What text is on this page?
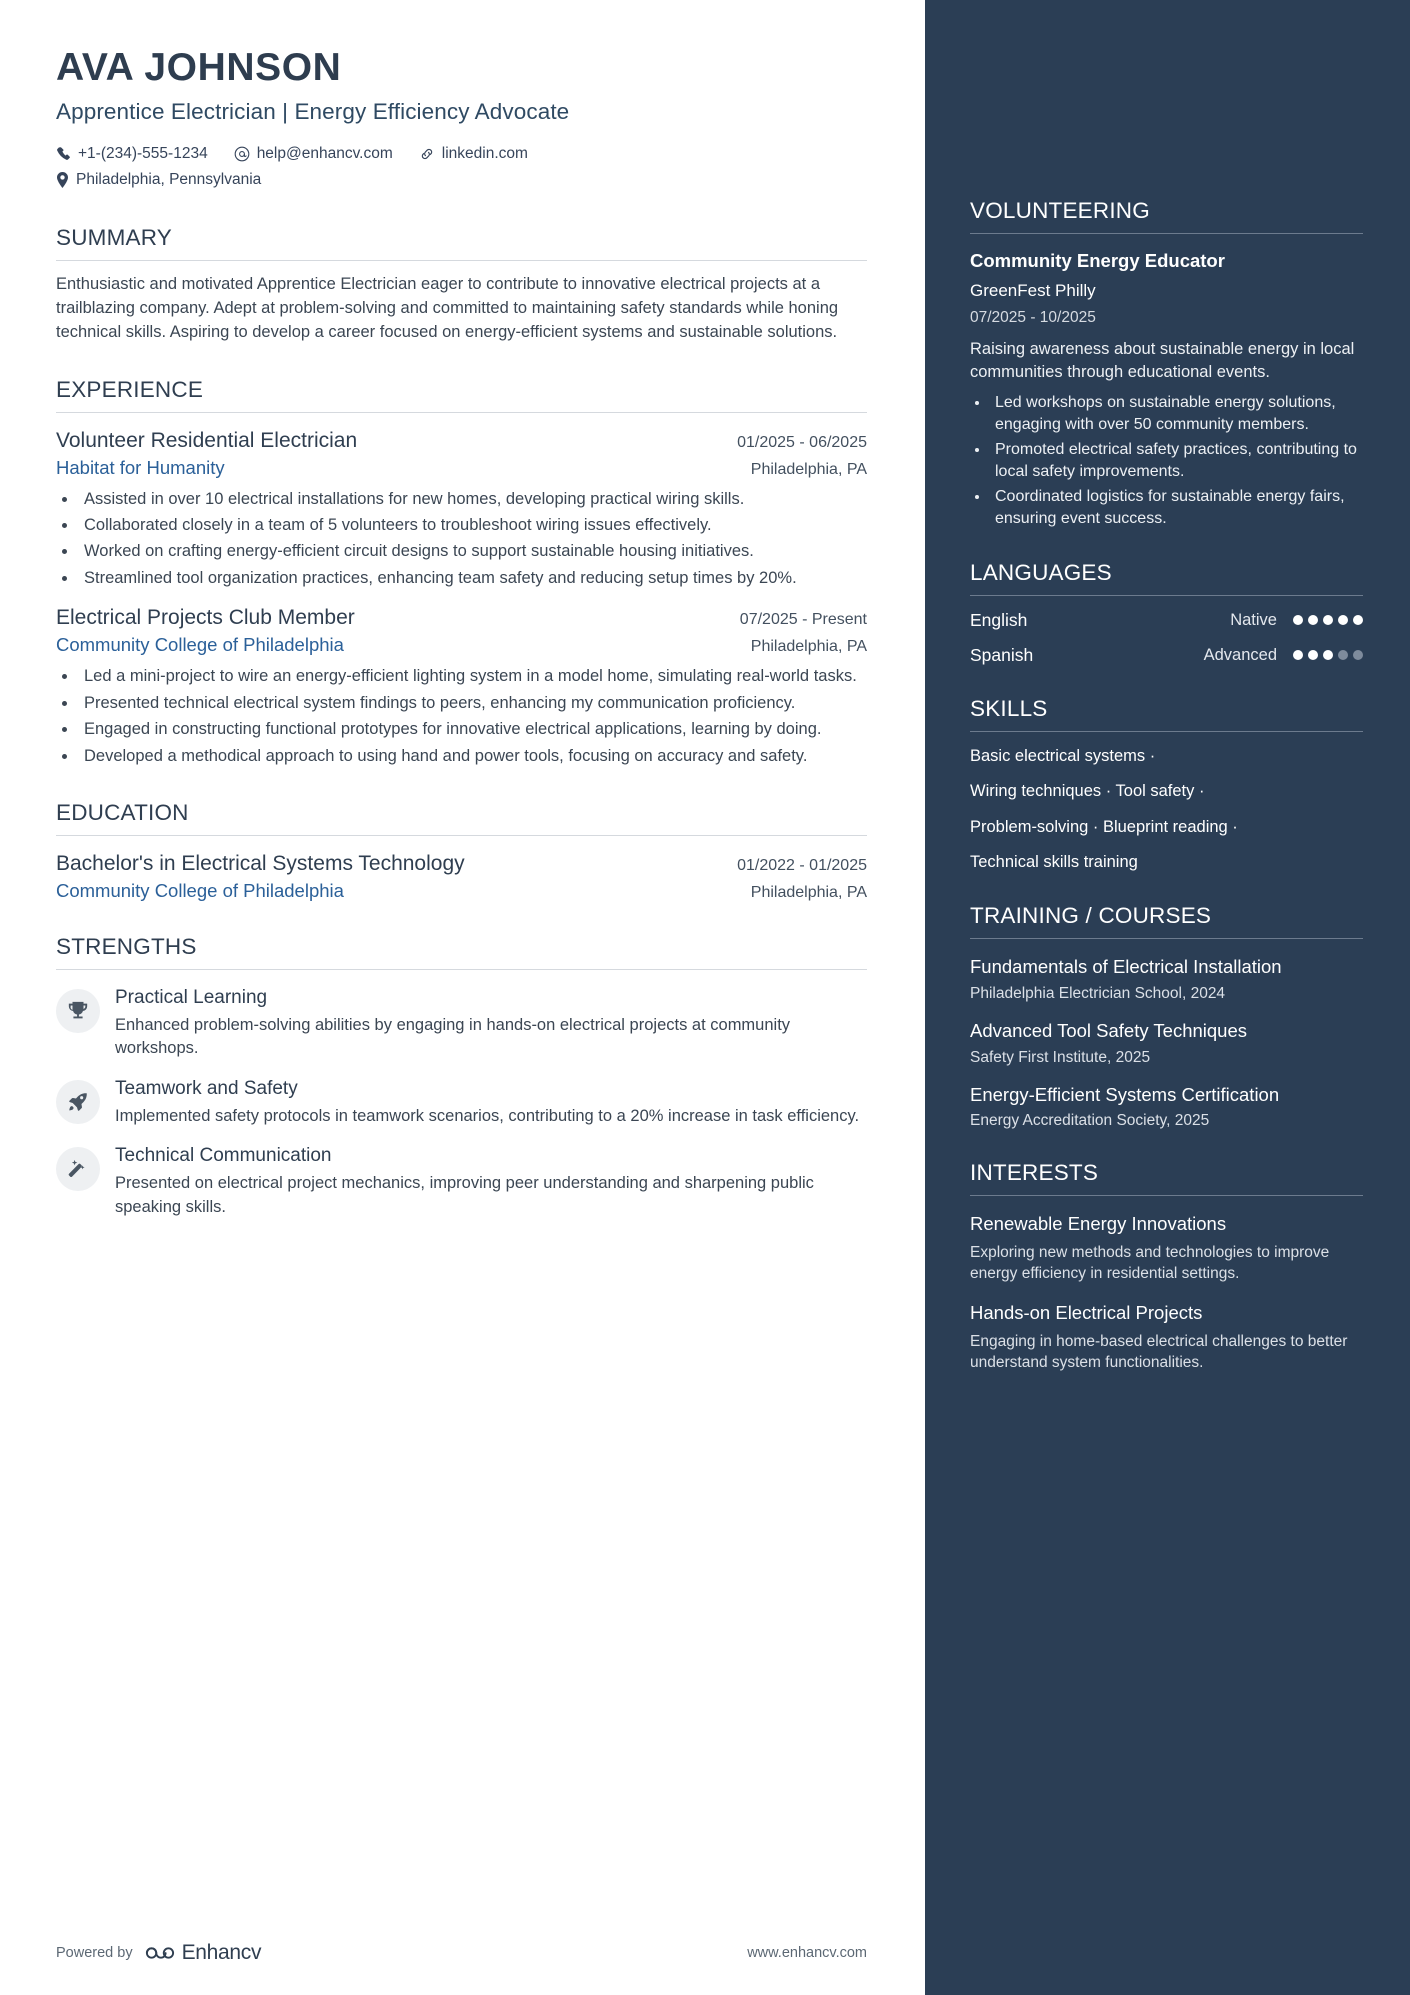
AVA JOHNSON
Apprentice Electrician | Energy Efficiency Advocate
+1-(234)-555-1234	help@enhancv.com	linkedin.com
Philadelphia, Pennsylvania
SUMMARY
Enthusiastic and motivated Apprentice Electrician eager to contribute to innovative electrical projects at a trailblazing company. Adept at problem-solving and committed to maintaining safety standards while honing technical skills. Aspiring to develop a career focused on energy-efficient systems and sustainable solutions.
EXPERIENCE
Volunteer Residential Electrician	01/2025 - 06/2025
Habitat for Humanity	Philadelphia, PA
• Assisted in over 10 electrical installations for new homes, developing practical wiring skills.
• Collaborated closely in a team of 5 volunteers to troubleshoot wiring issues effectively.
• Worked on crafting energy-efficient circuit designs to support sustainable housing initiatives.
• Streamlined tool organization practices, enhancing team safety and reducing setup times by 20%.
Electrical Projects Club Member	07/2025 - Present
Community College of Philadelphia	Philadelphia, PA
• Led a mini-project to wire an energy-efficient lighting system in a model home, simulating real-world tasks.
• Presented technical electrical system findings to peers, enhancing my communication proficiency.
• Engaged in constructing functional prototypes for innovative electrical applications, learning by doing.
• Developed a methodical approach to using hand and power tools, focusing on accuracy and safety.
EDUCATION
Bachelor's in Electrical Systems Technology	01/2022 - 01/2025
Community College of Philadelphia	Philadelphia, PA
STRENGTHS
Practical Learning
Enhanced problem-solving abilities by engaging in hands-on electrical projects at community workshops.
Teamwork and Safety
Implemented safety protocols in teamwork scenarios, contributing to a 20% increase in task efficiency.
Technical Communication
Presented on electrical project mechanics, improving peer understanding and sharpening public speaking skills.
Powered by Enhancv	www.enhancv.com
VOLUNTEERING
Community Energy Educator
GreenFest Philly
07/2025 - 10/2025
Raising awareness about sustainable energy in local communities through educational events.
• Led workshops on sustainable energy solutions, engaging with over 50 community members.
• Promoted electrical safety practices, contributing to local safety improvements.
• Coordinated logistics for sustainable energy fairs, ensuring event success.
LANGUAGES
English	Native
Spanish	Advanced
SKILLS
Basic electrical systems ·
Wiring techniques · Tool safety ·
Problem-solving · Blueprint reading ·
Technical skills training
TRAINING / COURSES
Fundamentals of Electrical Installation
Philadelphia Electrician School, 2024
Advanced Tool Safety Techniques
Safety First Institute, 2025
Energy-Efficient Systems Certification
Energy Accreditation Society, 2025
INTERESTS
Renewable Energy Innovations
Exploring new methods and technologies to improve energy efficiency in residential settings.
Hands-on Electrical Projects
Engaging in home-based electrical challenges to better understand system functionalities.
